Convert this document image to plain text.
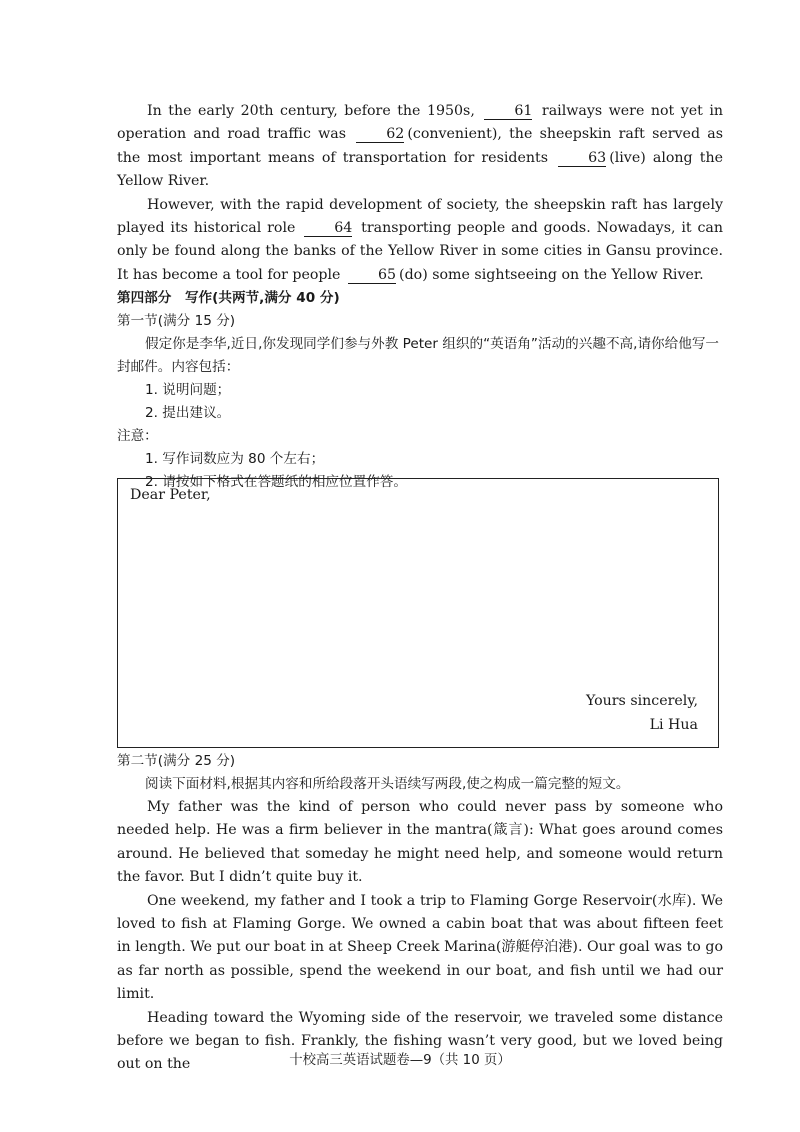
In the early 20th century, before the 1950s,	61 railways were not yet in operation and road traffic was	62 (convenient), the sheepskin raft served as the most important means of transportation for residents	63 (live) along the Yellow River.

However, with the rapid development of society, the sheepskin raft has largely played its historical role	64 transporting people and goods. Nowadays, it can only be found along the banks of the Yellow River in some cities in Gansu province. It has become a tool for people	65 (do) some sightseeing on the Yellow River.

第四部分　写作(共两节,满分 40 分)

第一节(满分 15 分)

假定你是李华,近日,你发现同学们参与外教 Peter 组织的“英语角”活动的兴趣不高,请你给他写一封邮件。内容包括：

1. 说明问题；

2. 提出建议。

注意：

1. 写作词数应为 80 个左右；

2. 请按如下格式在答题纸的相应位置作答。

Dear Peter,
Yours sincerely,
Li Hua

第二节(满分 25 分)

阅读下面材料,根据其内容和所给段落开头语续写两段,使之构成一篇完整的短文。

My father was the kind of person who could never pass by someone who needed help. He was a firm believer in the mantra(箴言): What goes around comes around. He believed that someday he might need help, and someone would return the favor. But I didn’t quite buy it.

One weekend, my father and I took a trip to Flaming Gorge Reservoir(水库). We loved to fish at Flaming Gorge. We owned a cabin boat that was about fifteen feet in length. We put our boat in at Sheep Creek Marina(游艇停泊港). Our goal was to go as far north as possible, spend the weekend in our boat, and fish until we had our limit.

Heading toward the Wyoming side of the reservoir, we traveled some distance before we began to fish. Frankly, the fishing wasn’t very good, but we loved being out on the	十校高三英语试题卷—9（共 10 页）
